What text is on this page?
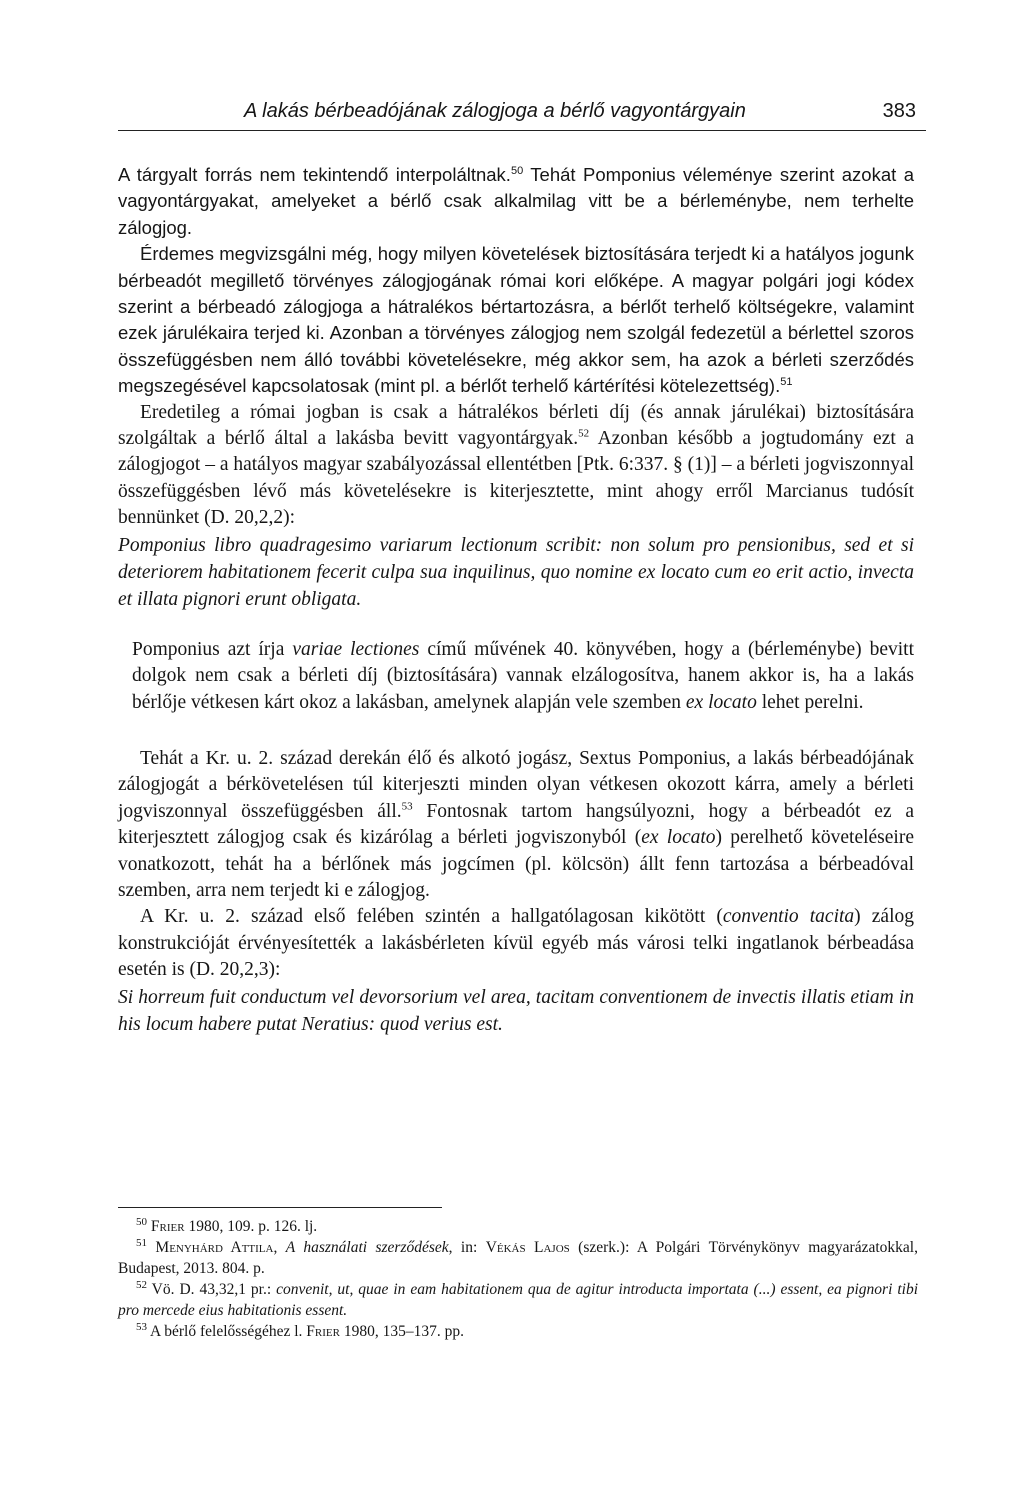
A lakás bérbeadójának zálogjoga a bérlő vagyontárgyain	383

A tárgyalt forrás nem tekintendő interpoláltnak.$^{50}$ Tehát Pomponius véleménye szerint azokat a vagyontárgyakat, amelyeket a bérlő csak alkalmilag vitt be a bérleménybe, nem terhelte zálogjog.

Érdemes megvizsgálni még, hogy milyen követelések biztosítására terjedt ki a hatályos jogunk bérbeadót megillető törvényes zálogjogának római kori előképe. A magyar polgári jogi kódex szerint a bérbeadó zálogjoga a hátralékos bértartozásra, a bérlőt terhelő költségekre, valamint ezek járulékaira terjed ki. Azonban a törvényes zálogjog nem szolgál fedezetül a bérlettel szoros összefüggésben nem álló további követelésekre, még akkor sem, ha azok a bérleti szerződés megszegésével kapcsolatosak (mint pl. a bérlőt terhelő kártérítési kötelezettség).$^{51}$

Eredetileg a római jogban is csak a hátralékos bérleti díj (és annak járulékai) biztosítására szolgáltak a bérlő által a lakásba bevitt vagyontárgyak.$^{52}$ Azonban később a jogtudomány ezt a zálogjogot – a hatályos magyar szabályozással ellentétben [Ptk. 6:337. § (1)] – a bérleti jogviszonnyal összefüggésben lévő más követelésekre is kiterjesztette, mint ahogy erről Marcianus tudósít bennünket (D. 20,2,2):

Pomponius libro quadragesimo variarum lectionum scribit: non solum pro pensionibus, sed et si deteriorem habitationem fecerit culpa sua inquilinus, quo nomine ex locato cum eo erit actio, invecta et illata pignori erunt obligata.

Pomponius azt írja variae lectiones című művének 40. könyvében, hogy a (bérleménybe) bevitt dolgok nem csak a bérleti díj (biztosítására) vannak elzálogosítva, hanem akkor is, ha a lakás bérlője vétkesen kárt okoz a lakásban, amelynek alapján vele szemben ex locato lehet perelni.

Tehát a Kr. u. 2. század derekán élő és alkotó jogász, Sextus Pomponius, a lakás bérbeadójának zálogjogát a bérkövetelésen túl kiterjeszti minden olyan vétkesen okozott kárra, amely a bérleti jogviszonnyal összefüggésben áll.$^{53}$ Fontosnak tartom hangsúlyozni, hogy a bérbeadót ez a kiterjesztett zálogjog csak és kizárólag a bérleti jogviszonyból (ex locato) perelhető követeléseire vonatkozott, tehát ha a bérlőnek más jogcímen (pl. kölcsön) állt fenn tartozása a bérbeadóval szemben, arra nem terjedt ki e zálogjog.

A Kr. u. 2. század első felében szintén a hallgatólagosan kikötött (conventio tacita) zálog konstrukcióját érvényesítették a lakásbérleten kívül egyéb más városi telki ingatlanok bérbeadása esetén is (D. 20,2,3):

Si horreum fuit conductum vel devorsorium vel area, tacitam conventionem de invectis illatis etiam in his locum habere putat Neratius: quod verius est.

$^{50}$ Frier 1980, 109. p. 126. lj.

$^{51}$ Menyhárd Attila, A használati szerződések, in: Vékás Lajos (szerk.): A Polgári Törvénykönyv magyarázatokkal, Budapest, 2013. 804. p.

$^{52}$ Vö. D. 43,32,1 pr.: convenit, ut, quae in eam habitationem qua de agitur introducta importata (...) essent, ea pignori tibi pro mercede eius habitationis essent.

$^{53}$ A bérlő felelősségéhez l. Frier 1980, 135–137. pp.
